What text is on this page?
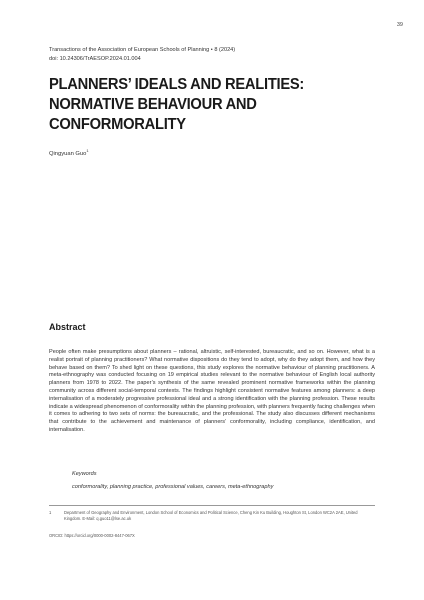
39
Transactions of the Association of European Schools of Planning • 8 (2024)
doi: 10.24306/TrAESOP.2024.01.004
PLANNERS’ IDEALS AND REALITIES: NORMATIVE BEHAVIOUR AND CONFORMORALITY
Qingyuan Guo$^1$
Abstract
People often make presumptions about planners – rational, altruistic, self-interested, bureaucratic, and so on. However, what is a realist portrait of planning practitioners? What normative dispositions do they tend to adopt, why do they adopt them, and how they behave based on them? To shed light on these questions, this study explores the normative behaviour of planning practitioners. A meta-ethnography was conducted focusing on 19 empirical studies relevant to the normative behaviour of English local authority planners from 1978 to 2022. The paper’s synthesis of the same revealed prominent normative frameworks within the planning community across different social-temporal contexts. The findings highlight consistent normative features among planners: a deep internalisation of a moderately progressive professional ideal and a strong identification with the planning profession. These results indicate a widespread phenomenon of conformorality within the planning profession, with planners frequently facing challenges when it comes to adhering to two sets of norms: the bureaucratic, and the professional. The study also discusses different mechanisms that contribute to the achievement and maintenance of planners’ conformorality, including compliance, identification, and internalisation.
Keywords
conformorality, planning practice, professional values, careers, meta-ethnography
1	Department of Geography and Environment, London School of Economics and Political Science, Cheng Kin Ku Building, Houghton St, London WC2A 2AE, United Kingdom. E-Mail: q.guo11@lse.ac.uk
ORCID: https://orcid.org/0000-0002-8447-067X
